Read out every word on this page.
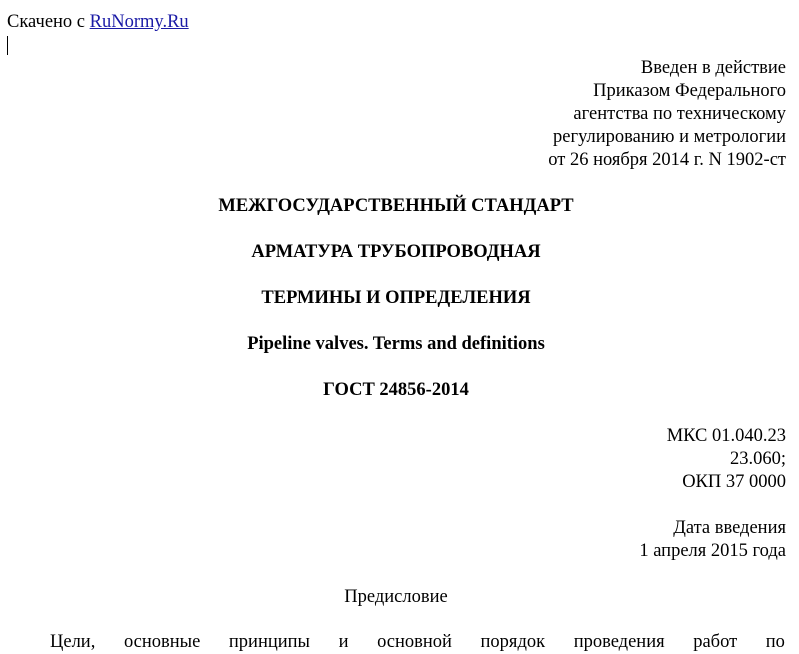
Скачено с RuNormy.Ru
Введен в действие
Приказом Федерального
агентства по техническому
регулированию и метрологии
от 26 ноября 2014 г. N 1902-ст
МЕЖГОСУДАРСТВЕННЫЙ СТАНДАРТ
АРМАТУРА ТРУБОПРОВОДНАЯ
ТЕРМИНЫ И ОПРЕДЕЛЕНИЯ
Pipeline valves. Terms and definitions
ГОСТ 24856-2014
МКС 01.040.23
23.060;
ОКП 37 0000
Дата введения
1 апреля 2015 года
Предисловие
Цели, основные принципы и основной порядок проведения работ по
